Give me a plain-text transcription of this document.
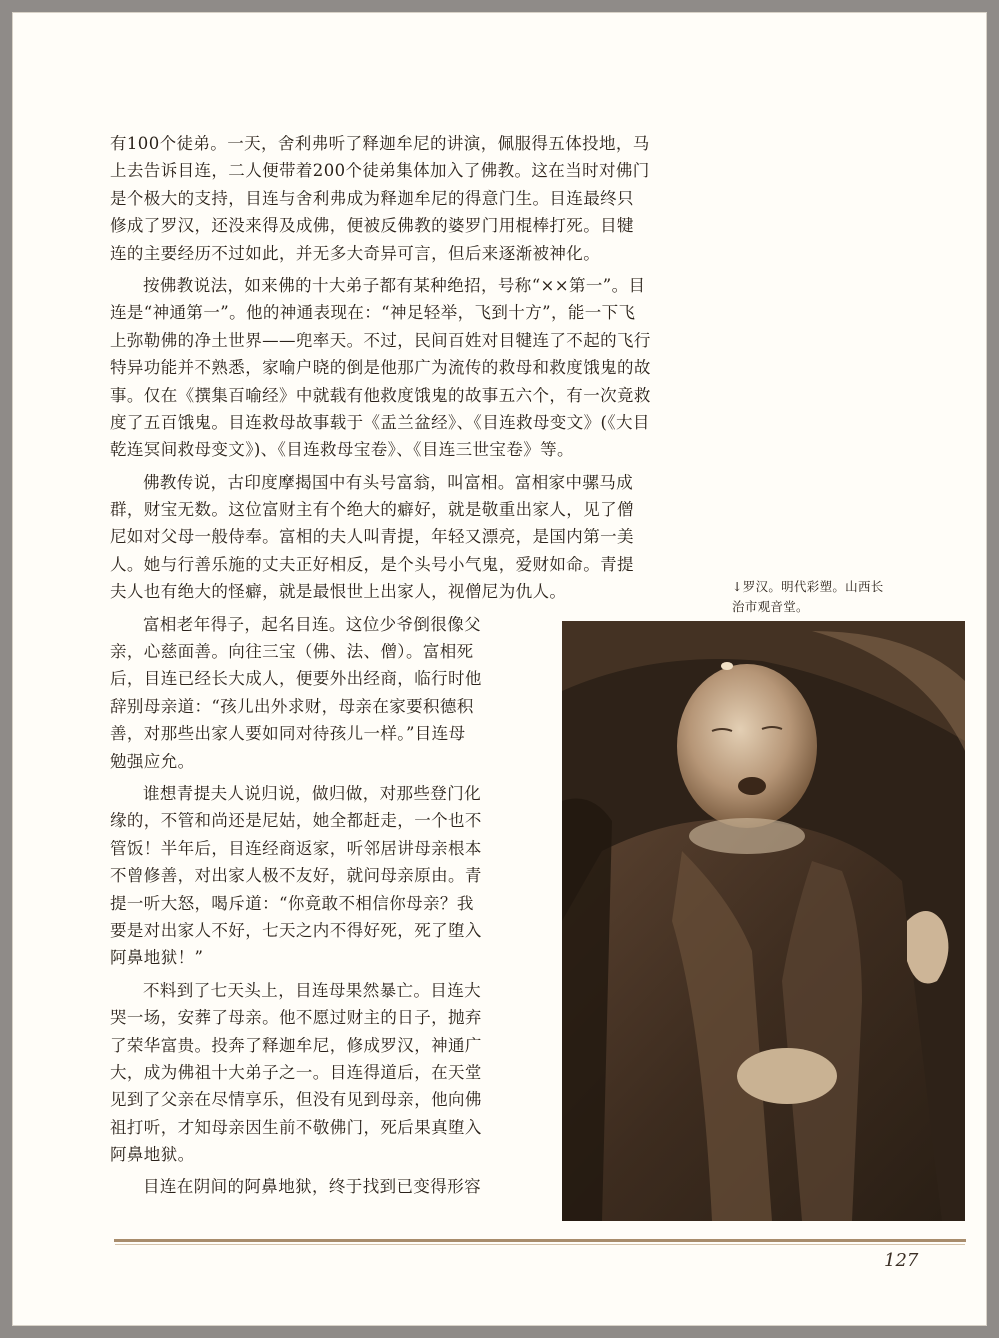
有100个徒弟。一天，舍利弗听了释迦牟尼的讲演，佩服得五体投地，马
上去告诉目连，二人便带着200个徒弟集体加入了佛教。这在当时对佛门
是个极大的支持，目连与舍利弗成为释迦牟尼的得意门生。目连最终只
修成了罗汉，还没来得及成佛，便被反佛教的婆罗门用棍棒打死。目犍
连的主要经历不过如此，并无多大奇异可言，但后来逐渐被神化。
按佛教说法，如来佛的十大弟子都有某种绝招，号称“××第一”。目
连是“神通第一”。他的神通表现在：“神足轻举，飞到十方”，能一下飞
上弥勒佛的净土世界——兜率天。不过，民间百姓对目犍连了不起的飞行
特异功能并不熟悉，家喻户晓的倒是他那广为流传的救母和救度饿鬼的故
事。仅在《撰集百喻经》中就载有他救度饿鬼的故事五六个，有一次竟救
度了五百饿鬼。目连救母故事载于《盂兰盆经》、《目连救母变文》(《大目
乾连冥间救母变文》)、《目连救母宝卷》、《目连三世宝卷》等。
佛教传说，古印度摩揭国中有头号富翁，叫富相。富相家中骡马成
群，财宝无数。这位富财主有个绝大的癖好，就是敬重出家人，见了僧
尼如对父母一般侍奉。富相的夫人叫青提，年轻又漂亮，是国内第一美
人。她与行善乐施的丈夫正好相反，是个头号小气鬼，爱财如命。青提
夫人也有绝大的怪癖，就是最恨世上出家人，视僧尼为仇人。
富相老年得子，起名目连。这位少爷倒很像父
亲，心慈面善。向往三宝（佛、法、僧）。富相死
后，目连已经长大成人，便要外出经商，临行时他
辞别母亲道：“孩儿出外求财，母亲在家要积德积
善，对那些出家人要如同对待孩儿一样。”目连母
勉强应允。
谁想青提夫人说归说，做归做，对那些登门化
缘的，不管和尚还是尼姑，她全都赶走，一个也不
管饭！半年后，目连经商返家，听邻居讲母亲根本
不曾修善，对出家人极不友好，就问母亲原由。青
提一听大怒，喝斥道：“你竟敢不相信你母亲？我
要是对出家人不好，七天之内不得好死，死了堕入
阿鼻地狱！”
不料到了七天头上，目连母果然暴亡。目连大
哭一场，安葬了母亲。他不愿过财主的日子，抛弃
了荣华富贵。投奔了释迦牟尼，修成罗汉，神通广
大，成为佛祖十大弟子之一。目连得道后，在天堂
见到了父亲在尽情享乐，但没有见到母亲，他向佛
祖打听，才知母亲因生前不敬佛门，死后果真堕入
阿鼻地狱。
目连在阴间的阿鼻地狱，终于找到已变得形容
↓罗汉。明代彩塑。山西长
治市观音堂。
127
